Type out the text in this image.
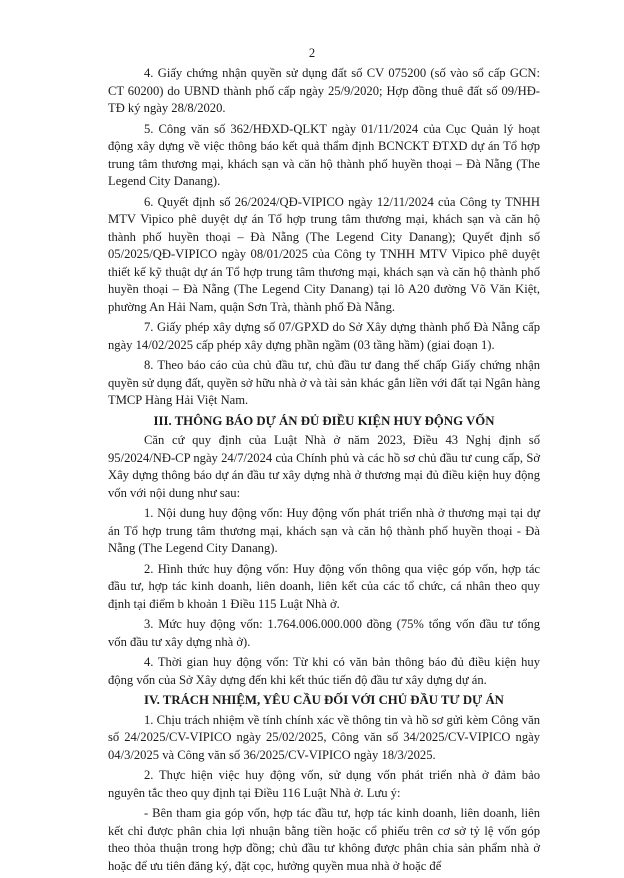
2

4. Giấy chứng nhận quyền sử dụng đất số CV 075200 (số vào sổ cấp GCN: CT 60200) do UBND thành phố cấp ngày 25/9/2020; Hợp đồng thuê đất số 09/HĐ-TĐ ký ngày 28/8/2020.

5. Công văn số 362/HĐXD-QLKT ngày 01/11/2024 của Cục Quản lý hoạt động xây dựng về việc thông báo kết quả thẩm định BCNCKT ĐTXD dự án Tổ hợp trung tâm thương mại, khách sạn và căn hộ thành phố huyền thoại – Đà Nẵng (The Legend City Danang).

6. Quyết định số 26/2024/QĐ-VIPICO ngày 12/11/2024 của Công ty TNHH MTV Vipico phê duyệt dự án Tổ hợp trung tâm thương mại, khách sạn và căn hộ thành phố huyền thoại – Đà Nẵng (The Legend City Danang); Quyết định số 05/2025/QĐ-VIPICO ngày 08/01/2025 của Công ty TNHH MTV Vipico phê duyệt thiết kế kỹ thuật dự án Tổ hợp trung tâm thương mại, khách sạn và căn hộ thành phố huyền thoại – Đà Nẵng (The Legend City Danang) tại lô A20 đường Võ Văn Kiệt, phường An Hải Nam, quận Sơn Trà, thành phố Đà Nẵng.

7. Giấy phép xây dựng số 07/GPXD do Sở Xây dựng thành phố Đà Nẵng cấp ngày 14/02/2025 cấp phép xây dựng phần ngầm (03 tầng hầm) (giai đoạn 1).

8. Theo báo cáo của chủ đầu tư, chủ đầu tư đang thế chấp Giấy chứng nhận quyền sử dụng đất, quyền sở hữu nhà ở và tài sản khác gắn liền với đất tại Ngân hàng TMCP Hàng Hải Việt Nam.

III. THÔNG BÁO DỰ ÁN ĐỦ ĐIỀU KIỆN HUY ĐỘNG VỐN

Căn cứ quy định của Luật Nhà ở năm 2023, Điều 43 Nghị định số 95/2024/NĐ-CP ngày 24/7/2024 của Chính phủ và các hồ sơ chủ đầu tư cung cấp, Sở Xây dựng thông báo dự án đầu tư xây dựng nhà ở thương mại đủ điều kiện huy động vốn với nội dung như sau:

1. Nội dung huy động vốn: Huy động vốn phát triển nhà ở thương mại tại dự án Tổ hợp trung tâm thương mại, khách sạn và căn hộ thành phố huyền thoại - Đà Nẵng (The Legend City Danang).

2. Hình thức huy động vốn: Huy động vốn thông qua việc góp vốn, hợp tác đầu tư, hợp tác kinh doanh, liên doanh, liên kết của các tổ chức, cá nhân theo quy định tại điểm b khoản 1 Điều 115 Luật Nhà ở.

3. Mức huy động vốn: 1.764.006.000.000 đồng (75% tổng vốn đầu tư tổng vốn đầu tư xây dựng nhà ở).

4. Thời gian huy động vốn: Từ khi có văn bản thông báo đủ điều kiện huy động vốn của Sở Xây dựng đến khi kết thúc tiến độ đầu tư xây dựng dự án.

IV. TRÁCH NHIỆM, YÊU CẦU ĐỐI VỚI CHỦ ĐẦU TƯ DỰ ÁN

1. Chịu trách nhiệm về tính chính xác về thông tin và hồ sơ gửi kèm Công văn số 24/2025/CV-VIPICO ngày 25/02/2025, Công văn số 34/2025/CV-VIPICO ngày 04/3/2025 và Công văn số 36/2025/CV-VIPICO ngày 18/3/2025.

2. Thực hiện việc huy động vốn, sử dụng vốn phát triển nhà ở đảm bảo nguyên tắc theo quy định tại Điều 116 Luật Nhà ở. Lưu ý:

- Bên tham gia góp vốn, hợp tác đầu tư, hợp tác kinh doanh, liên doanh, liên kết chỉ được phân chia lợi nhuận bằng tiền hoặc cổ phiếu trên cơ sở tỷ lệ vốn góp theo thỏa thuận trong hợp đồng; chủ đầu tư không được phân chia sản phẩm nhà ở hoặc để ưu tiên đăng ký, đặt cọc, hưởng quyền mua nhà ở hoặc để
